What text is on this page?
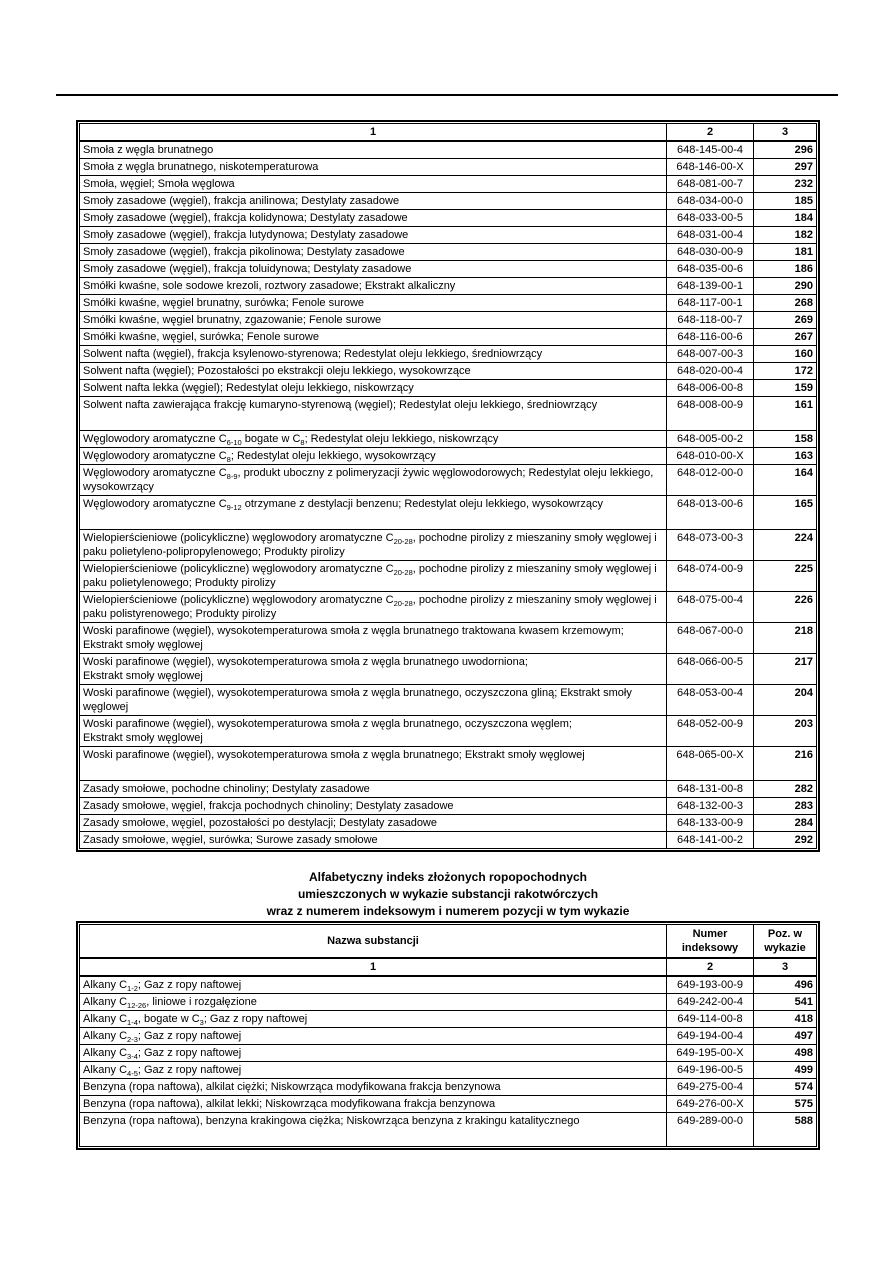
1	2	3
Smoła z węgla brunatnego	648-145-00-4	296
Smoła z węgla brunatnego, niskotemperaturowa	648-146-00-X	297
Smoła, węgiel; Smoła węglowa	648-081-00-7	232
Smoły zasadowe (węgiel), frakcja anilinowa; Destylaty zasadowe	648-034-00-0	185
Smoły zasadowe (węgiel), frakcja kolidynowa; Destylaty zasadowe	648-033-00-5	184
Smoły zasadowe (węgiel), frakcja lutydynowa; Destylaty zasadowe	648-031-00-4	182
Smoły zasadowe (węgiel), frakcja pikolinowa; Destylaty zasadowe	648-030-00-9	181
Smoły zasadowe (węgiel), frakcja toluidynowa; Destylaty zasadowe	648-035-00-6	186
Smółki kwaśne, sole sodowe krezoli, roztwory zasadowe; Ekstrakt alkaliczny	648-139-00-1	290
Smółki kwaśne, węgiel brunatny, surówka; Fenole surowe	648-117-00-1	268
Smółki kwaśne, węgiel brunatny, zgazowanie; Fenole surowe	648-118-00-7	269
Smółki kwaśne, węgiel, surówka; Fenole surowe	648-116-00-6	267
Solwent nafta (węgiel), frakcja ksylenowo-styrenowa; Redestylat oleju lekkiego, średniowrzący	648-007-00-3	160
Solwent nafta (węgiel); Pozostałości po ekstrakcji oleju lekkiego, wysokowrzące	648-020-00-4	172
Solwent nafta lekka (węgiel); Redestylat oleju lekkiego, niskowrzący	648-006-00-8	159
Solwent nafta zawierająca frakcję kumaryno-styrenową (węgiel); Redestylat oleju lekkiego, średniowrzący	648-008-00-9	161
Węglowodory aromatyczne $C_{6-10}$ bogate w $C_8$; Redestylat oleju lekkiego, niskowrzący	648-005-00-2	158
Węglowodory aromatyczne $C_8$; Redestylat oleju lekkiego, wysokowrzący	648-010-00-X	163
Węglowodory aromatyczne $C_{8-9}$, produkt uboczny z polimeryzacji żywic węglowodorowych; Redestylat oleju lekkiego, wysokowrzący	648-012-00-0	164
Węglowodory aromatyczne $C_{9-12}$ otrzymane z destylacji benzenu; Redestylat oleju lekkiego, wysokowrzący	648-013-00-6	165
Wielopierścieniowe (policykliczne) węglowodory aromatyczne $C_{20-28}$, pochodne pirolizy z mieszaniny smoły węglowej i paku polietyleno-polipropylenowego; Produkty pirolizy	648-073-00-3	224
Wielopierścieniowe (policykliczne) węglowodory aromatyczne $C_{20-28}$, pochodne pirolizy z mieszaniny smoły węglowej i paku polietylenowego; Produkty pirolizy	648-074-00-9	225
Wielopierścieniowe (policykliczne) węglowodory aromatyczne $C_{20-28}$, pochodne pirolizy z mieszaniny smoły węglowej i paku polistyrenowego; Produkty pirolizy	648-075-00-4	226
Woski parafinowe (węgiel), wysokotemperaturowa smoła z węgla brunatnego traktowana kwasem krzemowym; Ekstrakt smoły węglowej	648-067-00-0	218
Woski parafinowe (węgiel), wysokotemperaturowa smoła z węgla brunatnego uwodorniona;
Ekstrakt smoły węglowej	648-066-00-5	217
Woski parafinowe (węgiel), wysokotemperaturowa smoła z węgla brunatnego, oczyszczona gliną; Ekstrakt smoły węglowej	648-053-00-4	204
Woski parafinowe (węgiel), wysokotemperaturowa smoła z węgla brunatnego, oczyszczona węglem;
Ekstrakt smoły węglowej	648-052-00-9	203
Woski parafinowe (węgiel), wysokotemperaturowa smoła z węgla brunatnego; Ekstrakt smoły węglowej	648-065-00-X	216
Zasady smołowe, pochodne chinoliny; Destylaty zasadowe	648-131-00-8	282
Zasady smołowe, węgiel, frakcja pochodnych chinoliny; Destylaty zasadowe	648-132-00-3	283
Zasady smołowe, węgiel, pozostałości po destylacji; Destylaty zasadowe	648-133-00-9	284
Zasady smołowe, węgiel, surówka; Surowe zasady smołowe	648-141-00-2	292
Alfabetyczny indeks złożonych ropopochodnych
umieszczonych w wykazie substancji rakotwórczych
wraz z numerem indeksowym i numerem pozycji w tym wykazie
Nazwa substancji	Numer indeksowy	Poz. w wykazie
1	2	3
Alkany $C_{1-2}$; Gaz z ropy naftowej	649-193-00-9	496
Alkany $C_{12-26}$, liniowe i rozgałęzione	649-242-00-4	541
Alkany $C_{1-4}$, bogate w $C_3$; Gaz z ropy naftowej	649-114-00-8	418
Alkany $C_{2-3}$; Gaz z ropy naftowej	649-194-00-4	497
Alkany $C_{3-4}$; Gaz z ropy naftowej	649-195-00-X	498
Alkany $C_{4-5}$; Gaz z ropy naftowej	649-196-00-5	499
Benzyna (ropa naftowa), alkilat ciężki; Niskowrząca modyfikowana frakcja benzynowa	649-275-00-4	574
Benzyna (ropa naftowa), alkilat lekki; Niskowrząca modyfikowana frakcja benzynowa	649-276-00-X	575
Benzyna (ropa naftowa), benzyna krakingowa ciężka; Niskowrząca benzyna z krakingu katalitycznego	649-289-00-0	588
